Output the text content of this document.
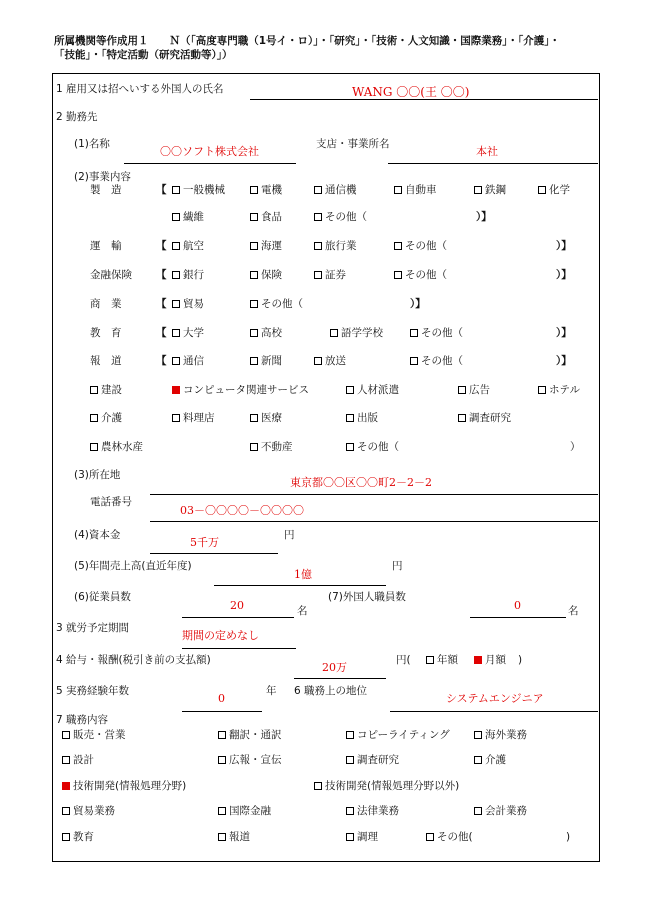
所属機関等作成用１　　Ｎ（「高度専門職（1号イ・ロ）」・「研究」・「技術・人文知識・国際業務」・「介護」・
「技能」・「特定活動（研究活動等）」）
1 雇用又は招へいする外国人の氏名	WANG 〇〇(王 〇〇)
2 勤務先
(1)名称
〇〇ソフト株式会社
支店・事業所名
本社
(2)事業内容
製　造	【	一般機械	電機	通信機	自動車	鉄鋼	化学
繊維	食品	その他（	）】
運　輸	【	航空	海運	旅行業	その他（	）】
金融保険 【	銀行	保険	証券	その他（	）】
商　業	【	貿易	その他（	）】
教　育	【	大学	高校	語学学校	その他（	）】
報　道	【	通信	新聞	放送	その他（	）】
建設	コンピュータ関連サービス	人材派遣	広告	ホテル
介護	料理店	医療	出版	調査研究
農林水産	不動産	その他（	）
(3)所在地
東京都〇〇区〇〇町2－2－2
電話番号
03－〇〇〇〇－〇〇〇〇
(4)資本金
5千万
円
(5)年間売上高(直近年度)
1億
円
(6)従業員数
20	名
(7)外国人職員数
0	名
3 就労予定期間
期間の定めなし
4 給与・報酬(税引き前の支払額)
20万
円(	年額	月額 )
5 実務経験年数
0
年 6 職務上の地位
システムエンジニア
7 職務内容
販売・営業	翻訳・通訳	コピーライティング	海外業務
設計	広報・宣伝	調査研究	介護
技術開発(情報処理分野)	技術開発(情報処理分野以外)
貿易業務	国際金融	法律業務	会計業務
教育	報道	調理	その他(	)
